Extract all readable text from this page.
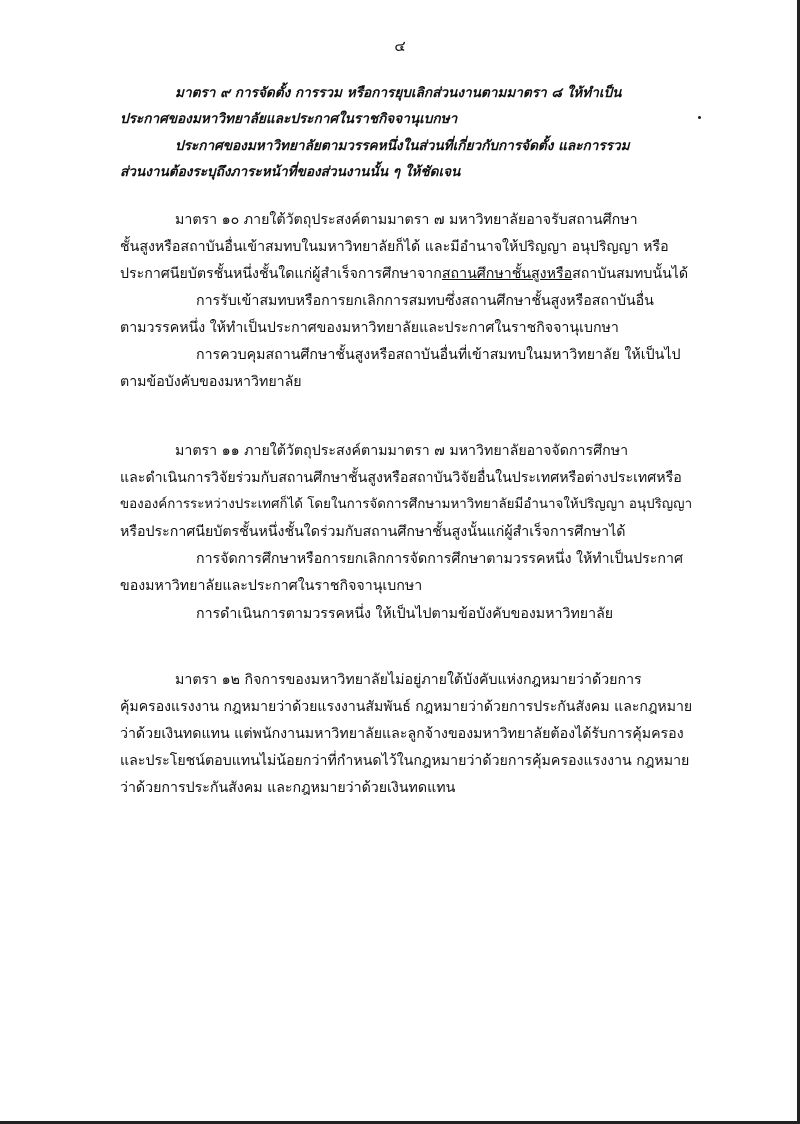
๔
มาตรา ๙ การจัดตั้ง การรวม หรือการยุบเลิกส่วนงานตามมาตรา ๘ ให้ทำเป็น
ประกาศของมหาวิทยาลัยและประกาศในราชกิจจานุเบกษา
ประกาศของมหาวิทยาลัยตามวรรคหนึ่งในส่วนที่เกี่ยวกับการจัดตั้ง และการรวม
ส่วนงานต้องระบุถึงภาระหน้าที่ของส่วนงานนั้น ๆ ให้ชัดเจน
มาตรา ๑๐ ภายใต้วัตถุประสงค์ตามมาตรา ๗ มหาวิทยาลัยอาจรับสถานศึกษา
ชั้นสูงหรือสถาบันอื่นเข้าสมทบในมหาวิทยาลัยก็ได้ และมีอำนาจให้ปริญญา อนุปริญญา หรือ
ประกาศนียบัตรชั้นหนึ่งชั้นใดแก่ผู้สำเร็จการศึกษาจากสถานศึกษาชั้นสูงหรือสถาบันสมทบนั้นได้
การรับเข้าสมทบหรือการยกเลิกการสมทบซึ่งสถานศึกษาชั้นสูงหรือสถาบันอื่น
ตามวรรคหนึ่ง ให้ทำเป็นประกาศของมหาวิทยาลัยและประกาศในราชกิจจานุเบกษา
การควบคุมสถานศึกษาชั้นสูงหรือสถาบันอื่นที่เข้าสมทบในมหาวิทยาลัย ให้เป็นไป
ตามข้อบังคับของมหาวิทยาลัย
มาตรา ๑๑ ภายใต้วัตถุประสงค์ตามมาตรา ๗ มหาวิทยาลัยอาจจัดการศึกษา
และดำเนินการวิจัยร่วมกับสถานศึกษาชั้นสูงหรือสถาบันวิจัยอื่นในประเทศหรือต่างประเทศหรือ
ขององค์การระหว่างประเทศก็ได้ โดยในการจัดการศึกษามหาวิทยาลัยมีอำนาจให้ปริญญา อนุปริญญา
หรือประกาศนียบัตรชั้นหนึ่งชั้นใดร่วมกับสถานศึกษาชั้นสูงนั้นแก่ผู้สำเร็จการศึกษาได้
การจัดการศึกษาหรือการยกเลิกการจัดการศึกษาตามวรรคหนึ่ง ให้ทำเป็นประกาศ
ของมหาวิทยาลัยและประกาศในราชกิจจานุเบกษา
การดำเนินการตามวรรคหนึ่ง ให้เป็นไปตามข้อบังคับของมหาวิทยาลัย
มาตรา ๑๒ กิจการของมหาวิทยาลัยไม่อยู่ภายใต้บังคับแห่งกฎหมายว่าด้วยการ
คุ้มครองแรงงาน กฎหมายว่าด้วยแรงงานสัมพันธ์ กฎหมายว่าด้วยการประกันสังคม และกฎหมาย
ว่าด้วยเงินทดแทน แต่พนักงานมหาวิทยาลัยและลูกจ้างของมหาวิทยาลัยต้องได้รับการคุ้มครอง
และประโยชน์ตอบแทนไม่น้อยกว่าที่กำหนดไว้ในกฎหมายว่าด้วยการคุ้มครองแรงงาน กฎหมาย
ว่าด้วยการประกันสังคม และกฎหมายว่าด้วยเงินทดแทน
